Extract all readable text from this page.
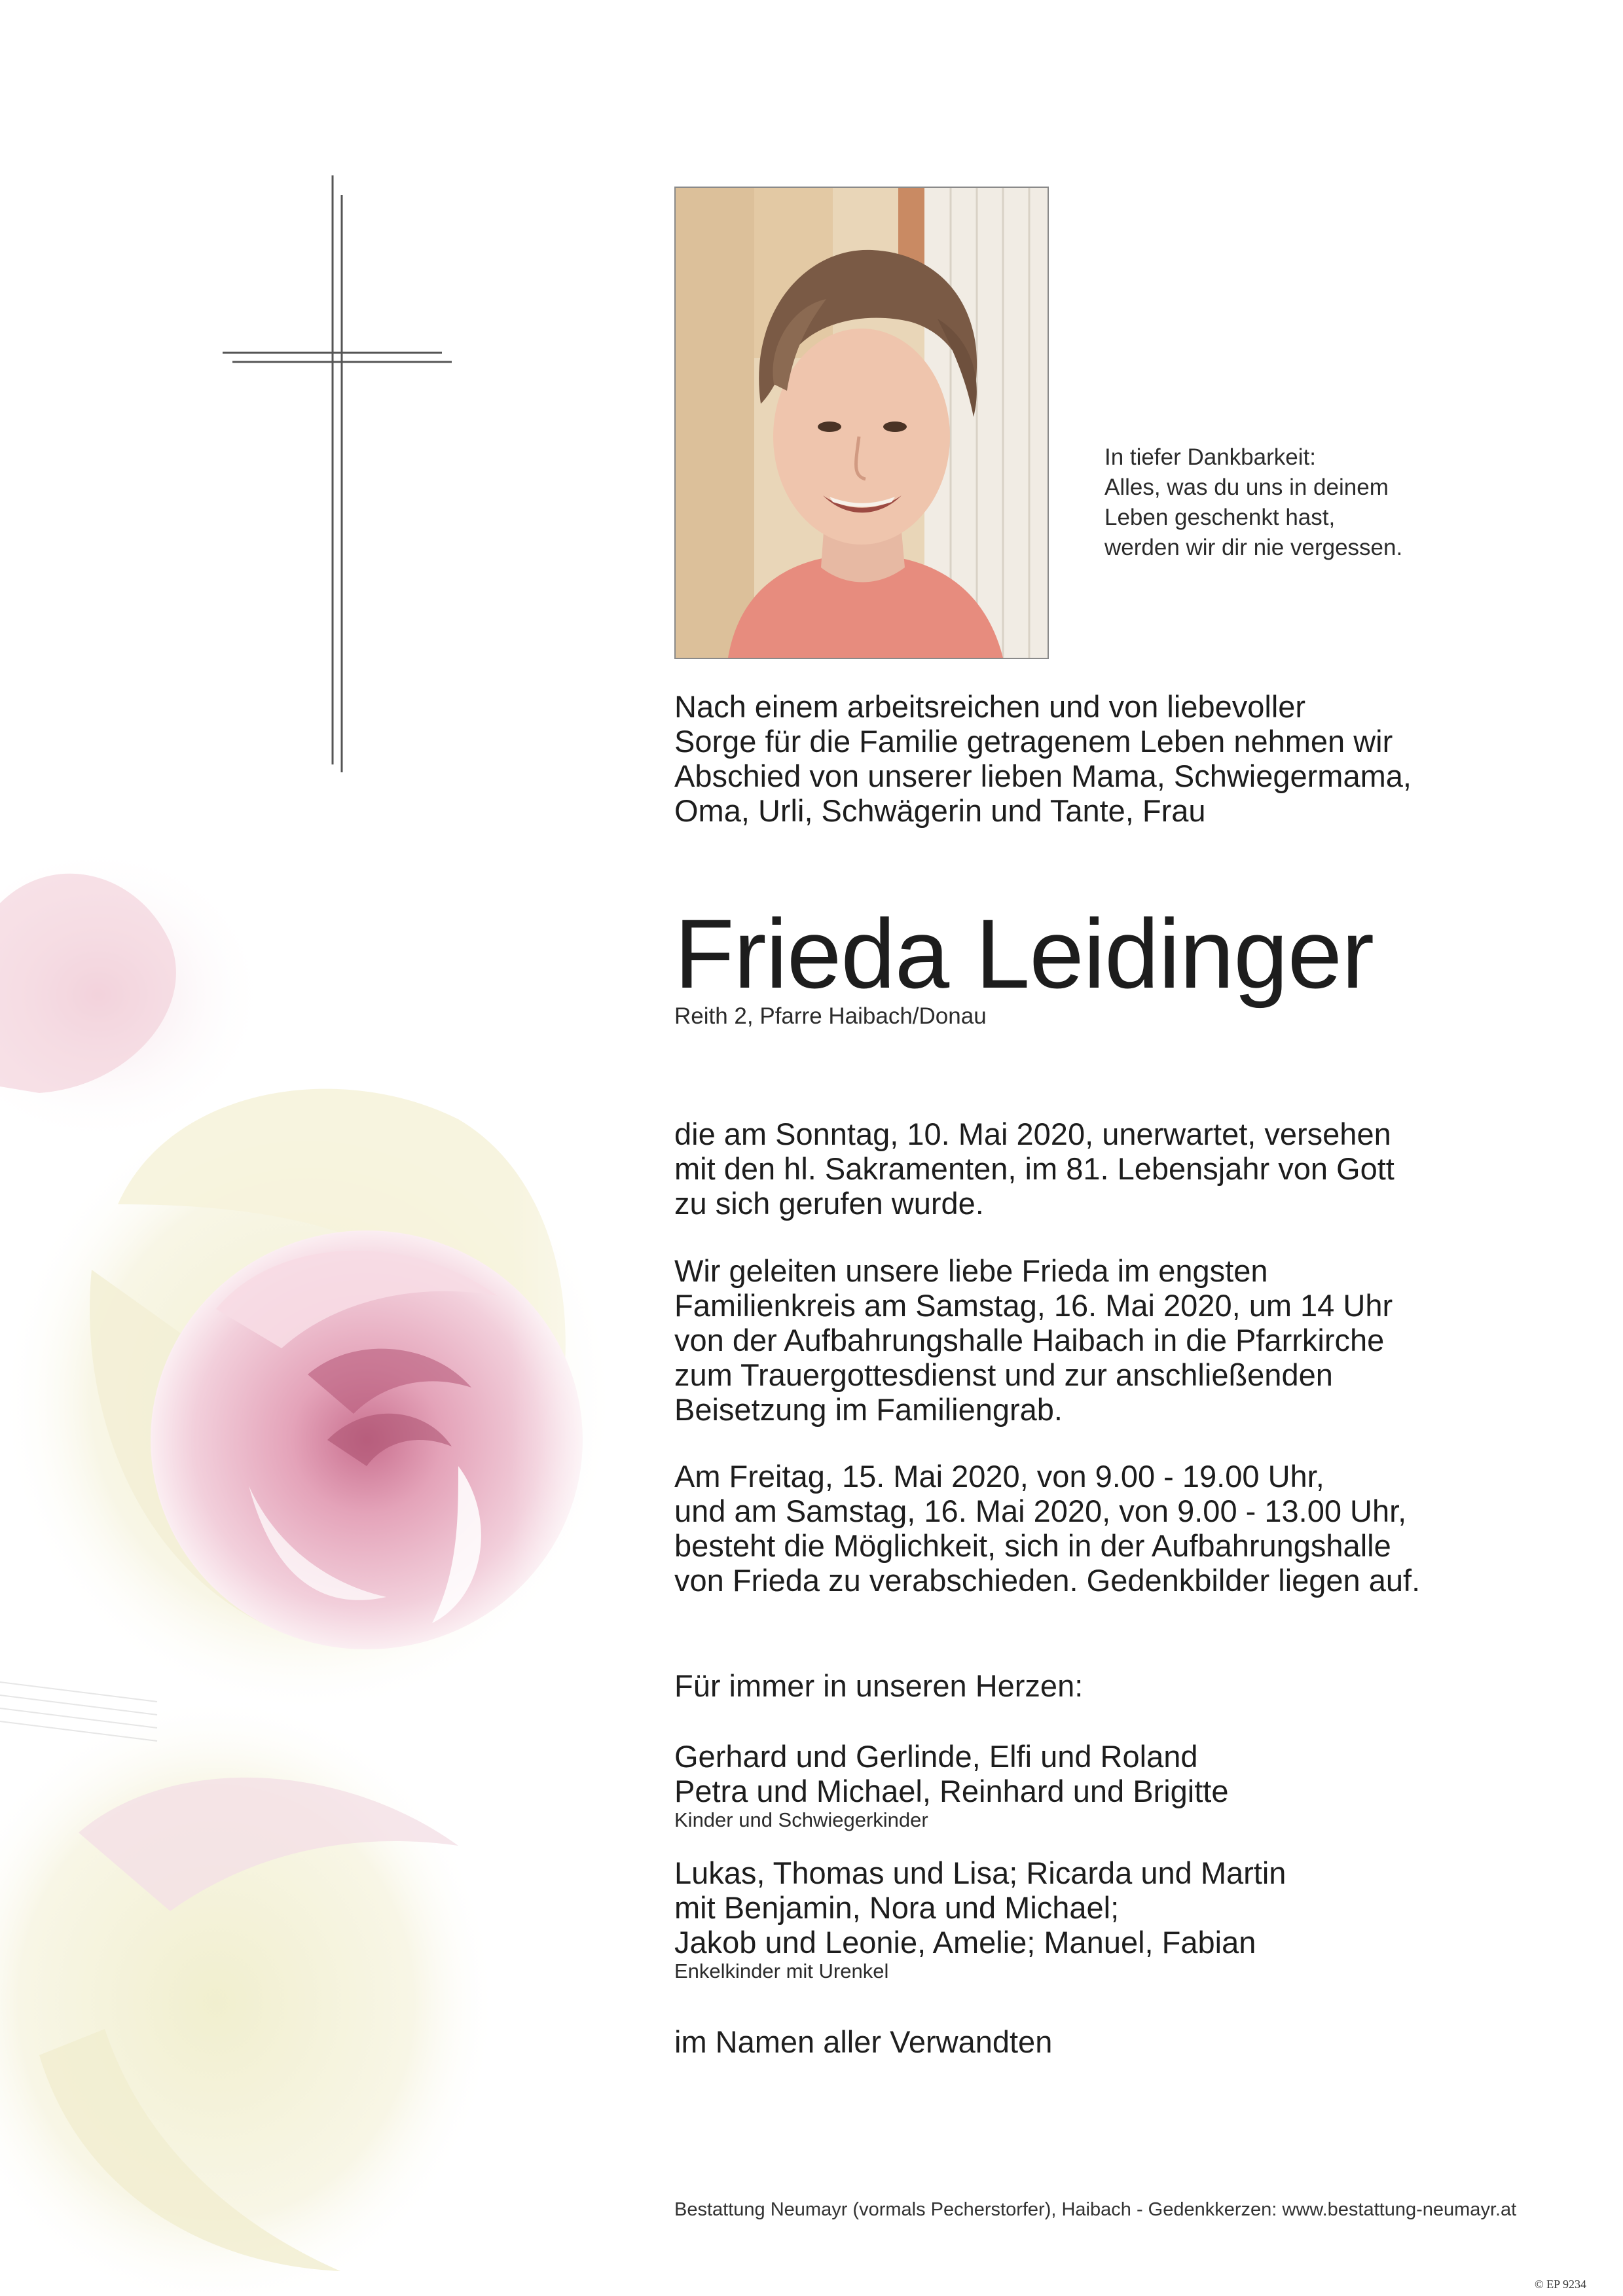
In tiefer Dankbarkeit:
Alles, was du uns in deinem
Leben geschenkt hast,
werden wir dir nie vergessen.
Nach einem arbeitsreichen und von liebevoller
Sorge für die Familie getragenem Leben nehmen wir
Abschied von unserer lieben Mama, Schwiegermama,
Oma, Urli, Schwägerin und Tante, Frau
Frieda Leidinger
Reith 2, Pfarre Haibach/Donau
die am Sonntag, 10. Mai 2020, unerwartet, versehen
mit den hl. Sakramenten, im 81. Lebensjahr von Gott
zu sich gerufen wurde.
Wir geleiten unsere liebe Frieda im engsten
Familienkreis am Samstag, 16. Mai 2020, um 14 Uhr
von der Aufbahrungshalle Haibach in die Pfarrkirche
zum Trauergottesdienst und zur anschließenden
Beisetzung im Familiengrab.
Am Freitag, 15. Mai 2020, von 9.00 - 19.00 Uhr,
und am Samstag, 16. Mai 2020, von 9.00 - 13.00 Uhr,
besteht die Möglichkeit, sich in der Aufbahrungshalle
von Frieda zu verabschieden. Gedenkbilder liegen auf.
Für immer in unseren Herzen:
Gerhard und Gerlinde, Elfi und Roland
Petra und Michael, Reinhard und Brigitte
Kinder und Schwiegerkinder
Lukas, Thomas und Lisa; Ricarda und Martin
mit Benjamin, Nora und Michael;
Jakob und Leonie, Amelie; Manuel, Fabian
Enkelkinder mit Urenkel
im Namen aller Verwandten
Bestattung Neumayr (vormals Pecherstorfer), Haibach - Gedenkkerzen: www.bestattung-neumayr.at
© EP 9234
